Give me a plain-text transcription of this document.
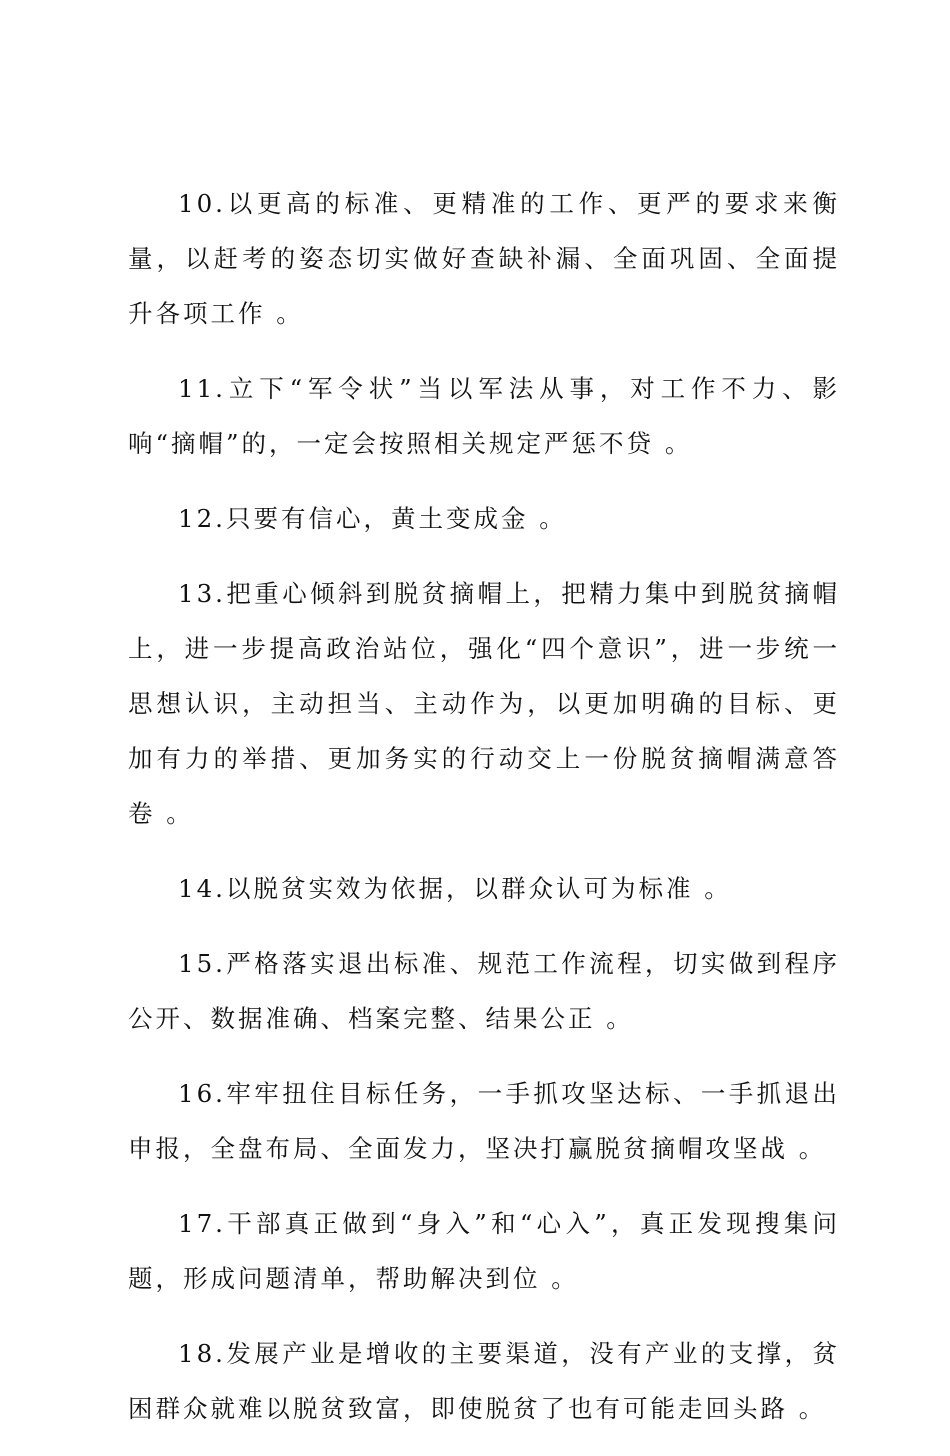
10.以更高的标准、更精准的工作、更严的要求来衡量，以赶考的姿态切实做好查缺补漏、全面巩固、全面提升各项工作 。

11.立下“军令状”当以军法从事，对工作不力、影响“摘帽”的，一定会按照相关规定严惩不贷 。

12.只要有信心，黄土变成金 。

13.把重心倾斜到脱贫摘帽上，把精力集中到脱贫摘帽上，进一步提高政治站位，强化“四个意识”，进一步统一思想认识，主动担当、主动作为，以更加明确的目标、更加有力的举措、更加务实的行动交上一份脱贫摘帽满意答卷 。

14.以脱贫实效为依据，以群众认可为标准 。

15.严格落实退出标准、规范工作流程，切实做到程序公开、数据准确、档案完整、结果公正 。

16.牢牢扭住目标任务，一手抓攻坚达标、一手抓退出申报，全盘布局、全面发力，坚决打赢脱贫摘帽攻坚战 。

17.干部真正做到“身入”和“心入”，真正发现搜集问题，形成问题清单，帮助解决到位 。

18.发展产业是增收的主要渠道，没有产业的支撑，贫困群众就难以脱贫致富，即使脱贫了也有可能走回头路 。
